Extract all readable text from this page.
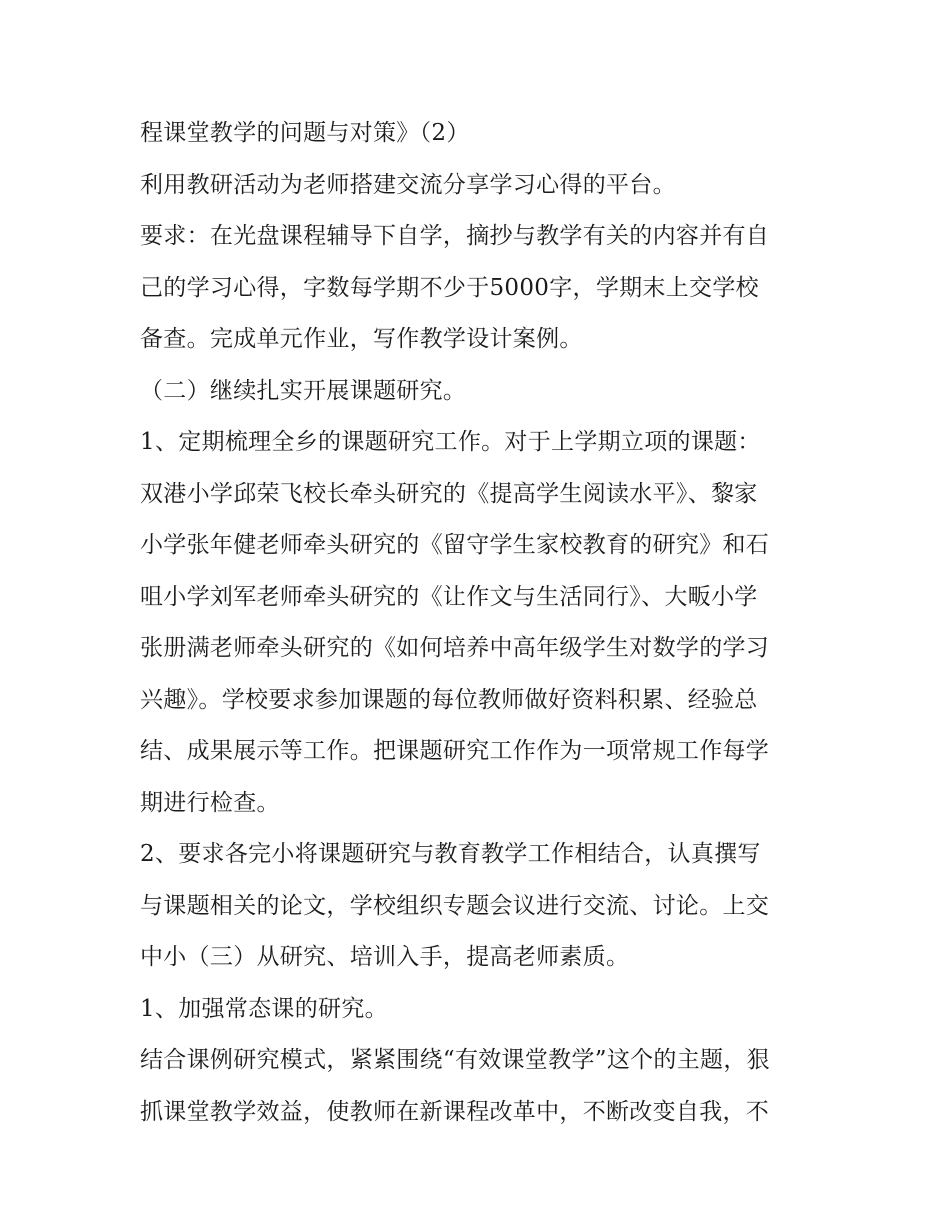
程课堂教学的问题与对策》（2）
利用教研活动为老师搭建交流分享学习心得的平台。
要求：在光盘课程辅导下自学，摘抄与教学有关的内容并有自
己的学习心得，字数每学期不少于5000字，学期末上交学校
备查。完成单元作业，写作教学设计案例。
（二）继续扎实开展课题研究。
1、定期梳理全乡的课题研究工作。对于上学期立项的课题：
双港小学邱荣飞校长牵头研究的《提高学生阅读水平》、黎家
小学张年健老师牵头研究的《留守学生家校教育的研究》和石
咀小学刘军老师牵头研究的《让作文与生活同行》、大畈小学
张册满老师牵头研究的《如何培养中高年级学生对数学的学习
兴趣》。学校要求参加课题的每位教师做好资料积累、经验总
结、成果展示等工作。把课题研究工作作为一项常规工作每学
期进行检查。
2、要求各完小将课题研究与教育教学工作相结合，认真撰写
与课题相关的论文，学校组织专题会议进行交流、讨论。上交
中小（三）从研究、培训入手，提高老师素质。
1、加强常态课的研究。
结合课例研究模式，紧紧围绕“有效课堂教学”这个的主题，狠
抓课堂教学效益，使教师在新课程改革中，不断改变自我，不
